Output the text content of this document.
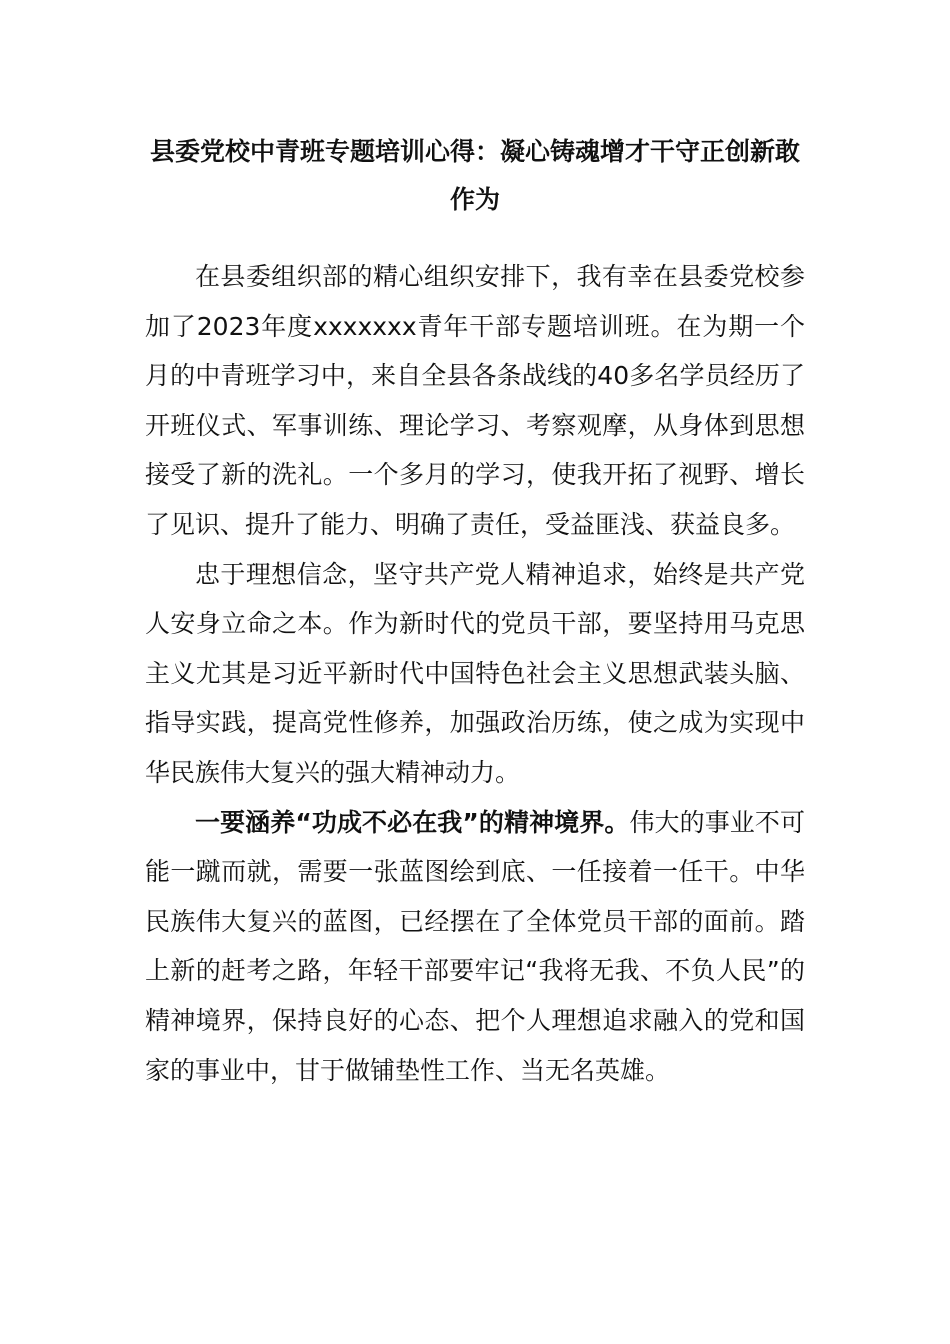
县委党校中青班专题培训心得：凝心铸魂增才干守正创新敢作为

在县委组织部的精心组织安排下，我有幸在县委党校参加了2023年度xxxxxxx青年干部专题培训班。在为期一个月的中青班学习中，来自全县各条战线的40多名学员经历了开班仪式、军事训练、理论学习、考察观摩，从身体到思想接受了新的洗礼。一个多月的学习，使我开拓了视野、增长了见识、提升了能力、明确了责任，受益匪浅、获益良多。

忠于理想信念，坚守共产党人精神追求，始终是共产党人安身立命之本。作为新时代的党员干部，要坚持用马克思主义尤其是习近平新时代中国特色社会主义思想武装头脑、指导实践，提高党性修养，加强政治历练，使之成为实现中华民族伟大复兴的强大精神动力。

一要涵养“功成不必在我”的精神境界。伟大的事业不可能一蹴而就，需要一张蓝图绘到底、一任接着一任干。中华民族伟大复兴的蓝图，已经摆在了全体党员干部的面前。踏上新的赶考之路，年轻干部要牢记“我将无我、不负人民”的精神境界，保持良好的心态、把个人理想追求融入的党和国家的事业中，甘于做铺垫性工作、当无名英雄。
